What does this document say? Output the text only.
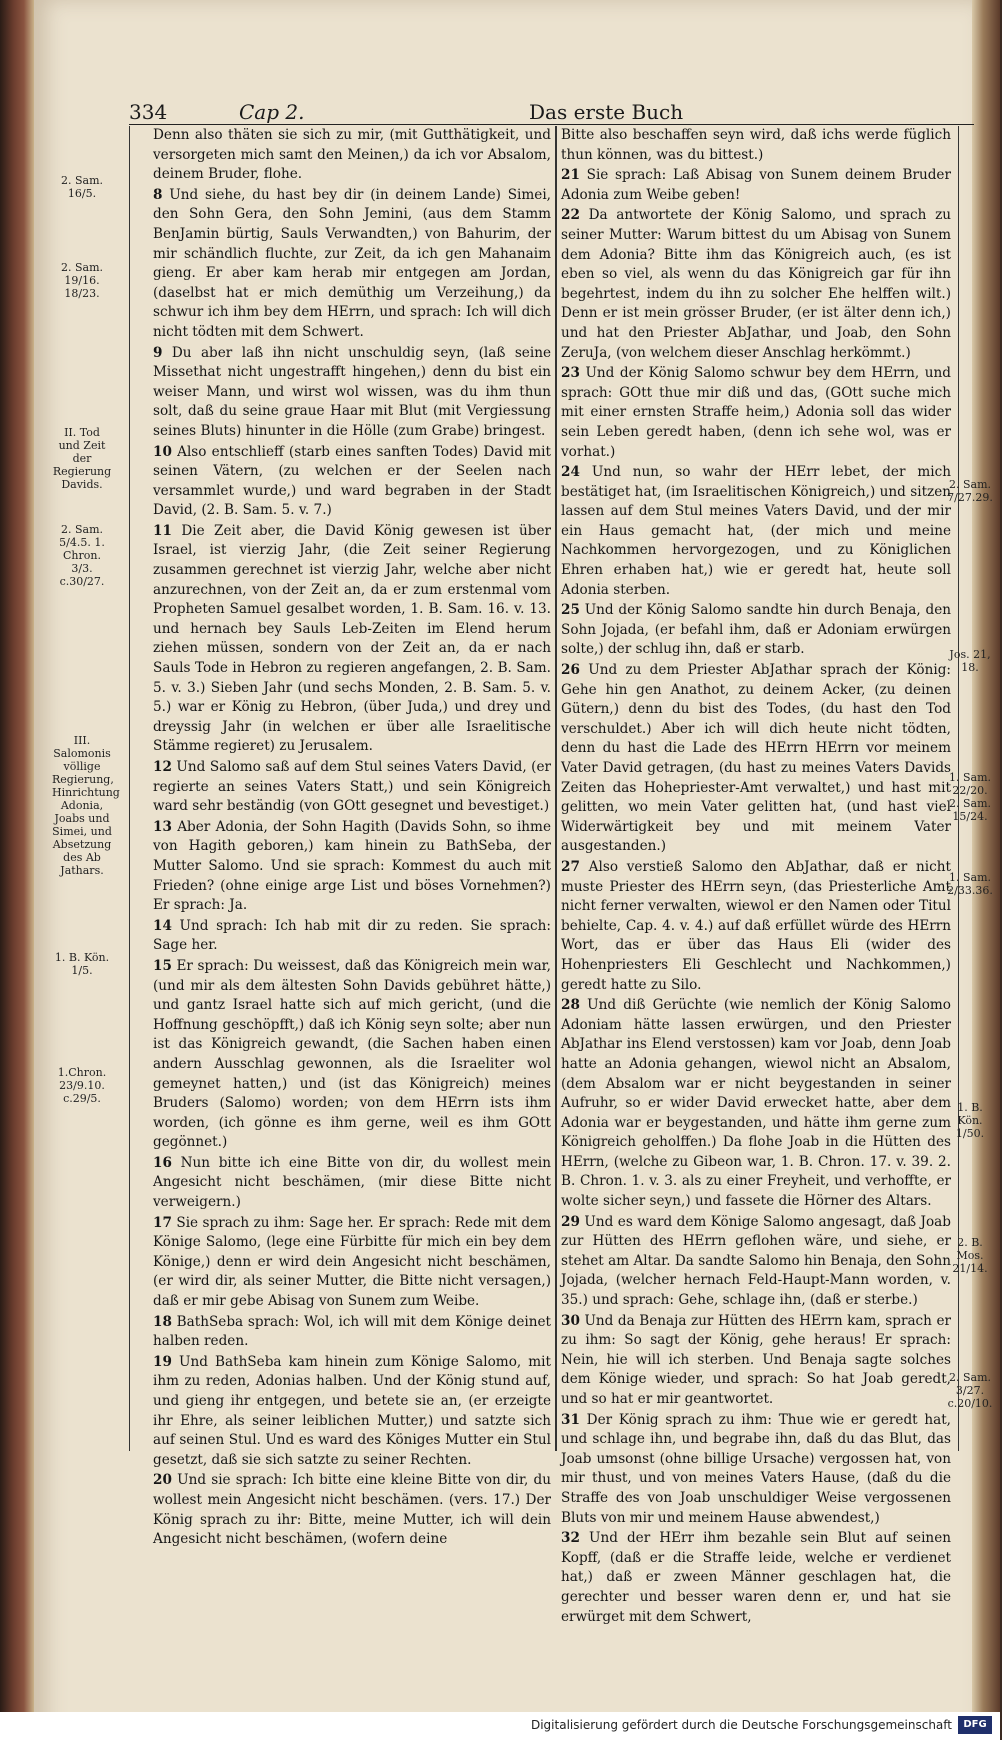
334	Cap 2.	Das erste Buch
2. Sam. 16/5.
2. Sam. 19/16. 18/23.
II. Tod und Zeit der Regierung Davids.
2. Sam. 5/4.5. 1. Chron. 3/3. c.30/27.
III. Salomonis völlige Regierung, Hinrichtung Adonia, Joabs und Simei, und Absetzung des Ab Jathars.
1. B. Kön. 1/5.
1.Chron. 23/9.10. c.29/5.

Denn also thäten sie sich zu mir, (mit Gutthätigkeit, und versorgeten mich samt den Meinen,) da ich vor Absalom, deinem Bruder, flohe.

8 Und siehe, du hast bey dir (in deinem Lande) Simei, den Sohn Gera, den Sohn Jemini, (aus dem Stamm BenJamin bürtig, Sauls Verwandten,) von Bahurim, der mir schändlich fluchte, zur Zeit, da ich gen Mahanaim gieng. Er aber kam herab mir entgegen am Jordan, (daselbst hat er mich demüthig um Verzeihung,) da schwur ich ihm bey dem HErrn, und sprach: Ich will dich nicht tödten mit dem Schwert.

9 Du aber laß ihn nicht unschuldig seyn, (laß seine Missethat nicht ungestrafft hingehen,) denn du bist ein weiser Mann, und wirst wol wissen, was du ihm thun solt, daß du seine graue Haar mit Blut (mit Vergiessung seines Bluts) hinunter in die Hölle (zum Grabe) bringest.

10 Also entschlieff (starb eines sanften Todes) David mit seinen Vätern, (zu welchen er der Seelen nach versammlet wurde,) und ward begraben in der Stadt David, (2. B. Sam. 5. v. 7.)

11 Die Zeit aber, die David König gewesen ist über Israel, ist vierzig Jahr, (die Zeit seiner Regierung zusammen gerechnet ist vierzig Jahr, welche aber nicht anzurechnen, von der Zeit an, da er zum erstenmal vom Propheten Samuel gesalbet worden, 1. B. Sam. 16. v. 13. und hernach bey Sauls Leb-Zeiten im Elend herum ziehen müssen, sondern von der Zeit an, da er nach Sauls Tode in Hebron zu regieren angefangen, 2. B. Sam. 5. v. 3.) Sieben Jahr (und sechs Monden, 2. B. Sam. 5. v. 5.) war er König zu Hebron, (über Juda,) und drey und dreyssig Jahr (in welchen er über alle Israelitische Stämme regieret) zu Jerusalem.

12 Und Salomo saß auf dem Stul seines Vaters David, (er regierte an seines Vaters Statt,) und sein Königreich ward sehr beständig (von GOtt gesegnet und bevestiget.)

13 Aber Adonia, der Sohn Hagith (Davids Sohn, so ihme von Hagith geboren,) kam hinein zu BathSeba, der Mutter Salomo. Und sie sprach: Kommest du auch mit Frieden? (ohne einige arge List und böses Vornehmen?) Er sprach: Ja.

14 Und sprach: Ich hab mit dir zu reden. Sie sprach: Sage her.

15 Er sprach: Du weissest, daß das Königreich mein war, (und mir als dem ältesten Sohn Davids gebühret hätte,) und gantz Israel hatte sich auf mich gericht, (und die Hoffnung geschöpfft,) daß ich König seyn solte; aber nun ist das Königreich gewandt, (die Sachen haben einen andern Ausschlag gewonnen, als die Israeliter wol gemeynet hatten,) und (ist das Königreich) meines Bruders (Salomo) worden; von dem HErrn ists ihm worden, (ich gönne es ihm gerne, weil es ihm GOtt gegönnet.)

16 Nun bitte ich eine Bitte von dir, du wollest mein Angesicht nicht beschämen, (mir diese Bitte nicht verweigern.)

17 Sie sprach zu ihm: Sage her. Er sprach: Rede mit dem Könige Salomo, (lege eine Fürbitte für mich ein bey dem Könige,) denn er wird dein Angesicht nicht beschämen, (er wird dir, als seiner Mutter, die Bitte nicht versagen,) daß er mir gebe Abisag von Sunem zum Weibe.

18 BathSeba sprach: Wol, ich will mit dem Könige deinet halben reden.

19 Und BathSeba kam hinein zum Könige Salomo, mit ihm zu reden, Adonias halben. Und der König stund auf, und gieng ihr entgegen, und betete sie an, (er erzeigte ihr Ehre, als seiner leiblichen Mutter,) und satzte sich auf seinen Stul. Und es ward des Königes Mutter ein Stul gesetzt, daß sie sich satzte zu seiner Rechten.

20 Und sie sprach: Ich bitte eine kleine Bitte von dir, du wollest mein Angesicht nicht beschämen. (vers. 17.) Der König sprach zu ihr: Bitte, meine Mutter, ich will dein Angesicht nicht beschämen, (wofern deine

Bitte also beschaffen seyn wird, daß ichs werde füglich thun können, was du bittest.)

21 Sie sprach: Laß Abisag von Sunem deinem Bruder Adonia zum Weibe geben!

22 Da antwortete der König Salomo, und sprach zu seiner Mutter: Warum bittest du um Abisag von Sunem dem Adonia? Bitte ihm das Königreich auch, (es ist eben so viel, als wenn du das Königreich gar für ihn begehrtest, indem du ihn zu solcher Ehe helffen wilt.) Denn er ist mein grösser Bruder, (er ist älter denn ich,) und hat den Priester AbJathar, und Joab, den Sohn ZeruJa, (von welchem dieser Anschlag herkömmt.)

23 Und der König Salomo schwur bey dem HErrn, und sprach: GOtt thue mir diß und das, (GOtt suche mich mit einer ernsten Straffe heim,) Adonia soll das wider sein Leben geredt haben, (denn ich sehe wol, was er vorhat.)

24 Und nun, so wahr der HErr lebet, der mich bestätiget hat, (im Israelitischen Königreich,) und sitzen lassen auf dem Stul meines Vaters David, und der mir ein Haus gemacht hat, (der mich und meine Nachkommen hervorgezogen, und zu Königlichen Ehren erhaben hat,) wie er geredt hat, heute soll Adonia sterben.

25 Und der König Salomo sandte hin durch Benaja, den Sohn Jojada, (er befahl ihm, daß er Adoniam erwürgen solte,) der schlug ihn, daß er starb.

26 Und zu dem Priester AbJathar sprach der König: Gehe hin gen Anathot, zu deinem Acker, (zu deinen Gütern,) denn du bist des Todes, (du hast den Tod verschuldet.) Aber ich will dich heute nicht tödten, denn du hast die Lade des HErrn HErrn vor meinem Vater David getragen, (du hast zu meines Vaters Davids Zeiten das Hohepriester-Amt verwaltet,) und hast mit gelitten, wo mein Vater gelitten hat, (und hast viel Widerwärtigkeit bey und mit meinem Vater ausgestanden.)

27 Also verstieß Salomo den AbJathar, daß er nicht muste Priester des HErrn seyn, (das Priesterliche Amt nicht ferner verwalten, wiewol er den Namen oder Titul behielte, Cap. 4. v. 4.) auf daß erfüllet würde des HErrn Wort, das er über das Haus Eli (wider des Hohenpriesters Eli Geschlecht und Nachkommen,) geredt hatte zu Silo.

28 Und diß Gerüchte (wie nemlich der König Salomo Adoniam hätte lassen erwürgen, und den Priester AbJathar ins Elend verstossen) kam vor Joab, denn Joab hatte an Adonia gehangen, wiewol nicht an Absalom, (dem Absalom war er nicht beygestanden in seiner Aufruhr, so er wider David erwecket hatte, aber dem Adonia war er beygestanden, und hätte ihm gerne zum Königreich geholffen.) Da flohe Joab in die Hütten des HErrn, (welche zu Gibeon war, 1. B. Chron. 17. v. 39. 2. B. Chron. 1. v. 3. als zu einer Freyheit, und verhoffte, er wolte sicher seyn,) und fassete die Hörner des Altars.

29 Und es ward dem Könige Salomo angesagt, daß Joab zur Hütten des HErrn geflohen wäre, und siehe, er stehet am Altar. Da sandte Salomo hin Benaja, den Sohn Jojada, (welcher hernach Feld-Haupt-Mann worden, v. 35.) und sprach: Gehe, schlage ihn, (daß er sterbe.)

30 Und da Benaja zur Hütten des HErrn kam, sprach er zu ihm: So sagt der König, gehe heraus! Er sprach: Nein, hie will ich sterben. Und Benaja sagte solches dem Könige wieder, und sprach: So hat Joab geredt, und so hat er mir geantwortet.

31 Der König sprach zu ihm: Thue wie er geredt hat, und schlage ihn, und begrabe ihn, daß du das Blut, das Joab umsonst (ohne billige Ursache) vergossen hat, von mir thust, und von meines Vaters Hause, (daß du die Straffe des von Joab unschuldiger Weise vergossenen Bluts von mir und meinem Hause abwendest,)

32 Und der HErr ihm bezahle sein Blut auf seinen Kopff, (daß er die Straffe leide, welche er verdienet hat,) daß er zween Männer geschlagen hat, die gerechter und besser waren denn er, und hat sie erwürget mit dem Schwert,

2. Sam. 7/27.29.
Jos. 21, 18.
1. Sam. 22/20. 2. Sam. 15/24.
1. Sam. 2/33.36.
1. B. Kön. 1/50.
2. B. Mos. 21/14.
2. Sam. 3/27. c.20/10.
Digitalisierung gefördert durch die Deutsche Forschungsgemeinschaft	DFG
